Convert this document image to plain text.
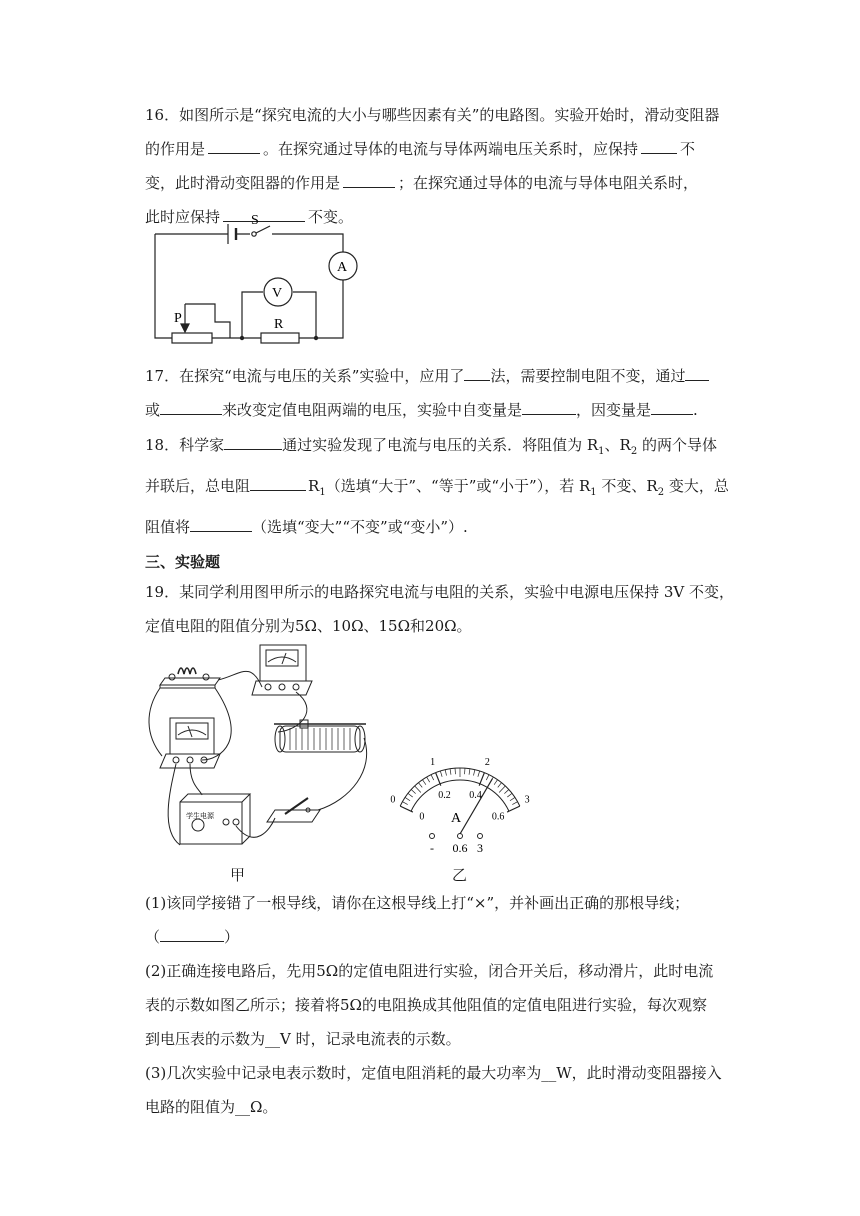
16．如图所示是“探究电流的大小与哪些因素有关”的电路图。实验开始时，滑动变阻器
的作用是	。在探究通过导体的电流与导体两端电压关系时，应保持	不
变，此时滑动变阻器的作用是	；在探究通过导体的电流与导体电阻关系时，
此时应保持	不变。
S
A
V
R
P
17．在探究“电流与电压的关系”实验中，应用了 法，需要控制电阻不变，通过
或	来改变定值电阻两端的电压，实验中自变量是	，因变量是	.
18．科学家	通过实验发现了电流与电压的关系．将阻值为 $R_1$、$R_2$ 的两个导体
并联后，总电阻	$R_1$（选填“大于”、“等于”或“小于”），若 $R_1$ 不变、$R_2$ 变大，总
阻值将	（选填“变大”“不变”或“变小”）.
三、实验题
19．某同学利用图甲所示的电路探究电流与电阻的关系，实验中电源电压保持 3V 不变，
定值电阻的阻值分别为5Ω、10Ω、15Ω和20Ω。
学生电源
甲
0
1	2
3
0
0.2 0.4
0.6
A
- 0.6 3
乙
(1)该同学接错了一根导线，请你在这根导线上打“×”，并补画出正确的那根导线；
（	）
(2)正确连接电路后，先用5Ω的定值电阻进行实验，闭合开关后，移动滑片，此时电流
表的示数如图乙所示；接着将5Ω的电阻换成其他阻值的定值电阻进行实验，每次观察
到电压表的示数为__V 时，记录电流表的示数。
(3)几次实验中记录电表示数时，定值电阻消耗的最大功率为__W，此时滑动变阻器接入
电路的阻值为__Ω。
